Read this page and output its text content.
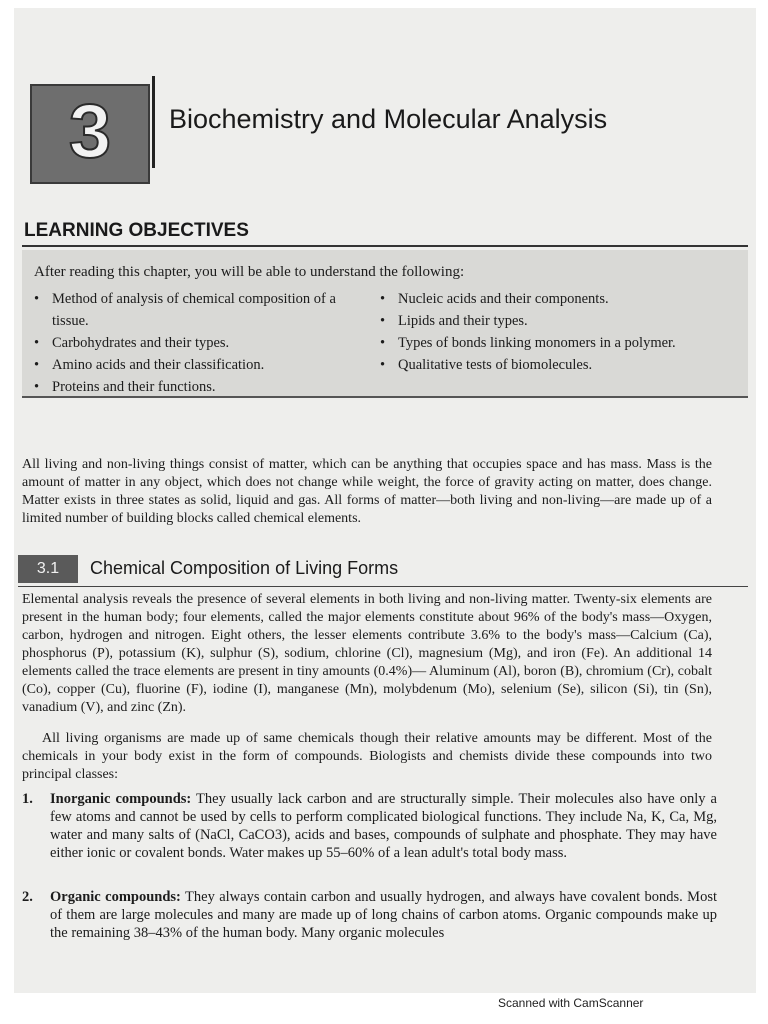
3	Biochemistry and Molecular Analysis
LEARNING OBJECTIVES
After reading this chapter, you will be able to understand the following:
• Method of analysis of chemical composition of a tissue.
• Carbohydrates and their types.
• Amino acids and their classification.
• Proteins and their functions.
• Nucleic acids and their components.
• Lipids and their types.
• Types of bonds linking monomers in a polymer.
• Qualitative tests of biomolecules.

All living and non-living things consist of matter, which can be anything that occupies space and has mass. Mass is the amount of matter in any object, which does not change while weight, the force of gravity acting on matter, does change. Matter exists in three states as solid, liquid and gas. All forms of matter—both living and non-living—are made up of a limited number of building blocks called chemical elements.

3.1	Chemical Composition of Living Forms

Elemental analysis reveals the presence of several elements in both living and non-living matter. Twenty-six elements are present in the human body; four elements, called the major elements constitute about 96% of the body's mass—Oxygen, carbon, hydrogen and nitrogen. Eight others, the lesser elements contribute 3.6% to the body's mass—Calcium (Ca), phosphorus (P), potassium (K), sulphur (S), sodium, chlorine (Cl), magnesium (Mg), and iron (Fe). An additional 14 elements called the trace elements are present in tiny amounts (0.4%)— Aluminum (Al), boron (B), chromium (Cr), cobalt (Co), copper (Cu), fluorine (F), iodine (I), manganese (Mn), molybdenum (Mo), selenium (Se), silicon (Si), tin (Sn), vanadium (V), and zinc (Zn).

All living organisms are made up of same chemicals though their relative amounts may be different. Most of the chemicals in your body exist in the form of compounds. Biologists and chemists divide these compounds into two principal classes:

1. Inorganic compounds: They usually lack carbon and are structurally simple. Their molecules also have only a few atoms and cannot be used by cells to perform complicated biological functions. They include Na, K, Ca, Mg, water and many salts of (NaCl, CaCO3), acids and bases, compounds of sulphate and phosphate. They may have either ionic or covalent bonds. Water makes up 55–60% of a lean adult's total body mass.
2. Organic compounds: They always contain carbon and usually hydrogen, and always have covalent bonds. Most of them are large molecules and many are made up of long chains of carbon atoms. Organic compounds make up the remaining 38–43% of the human body. Many organic molecules
Scanned with CamScanner
